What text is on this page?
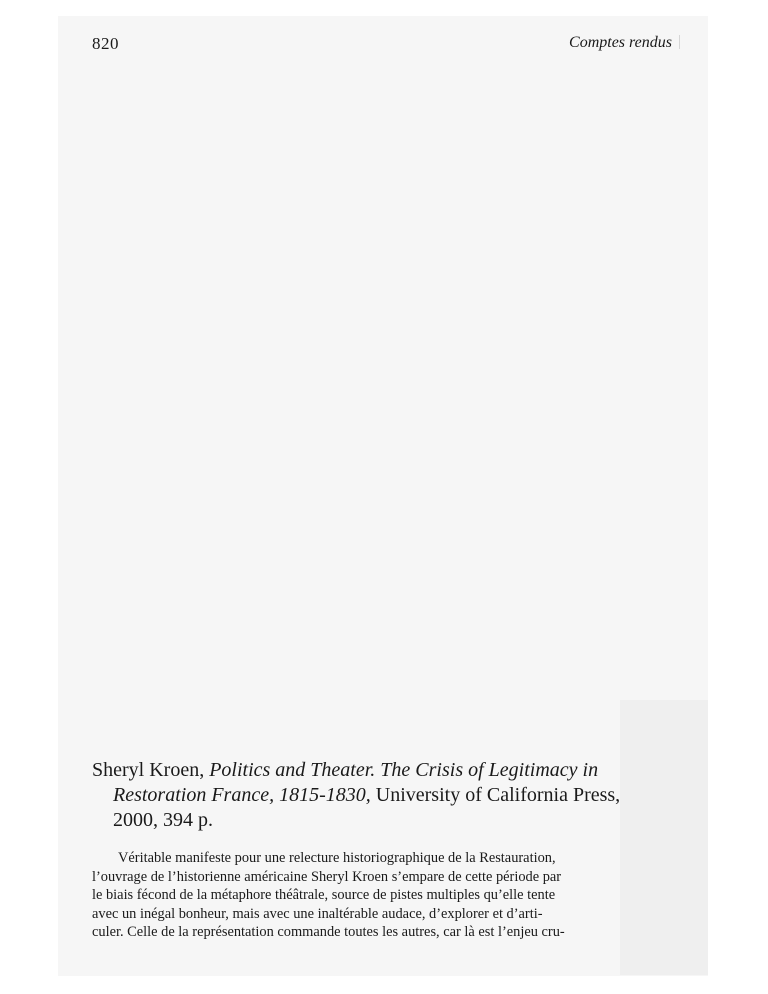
820	Comptes rendus

Sheryl Kroen, Politics and Theater. The Crisis of Legitimacy in Restoration France, 1815-1830, University of California Press, 2000, 394 p.

Véritable manifeste pour une relecture historiographique de la Restauration,
l’ouvrage de l’historienne américaine Sheryl Kroen s’empare de cette période par
le biais fécond de la métaphore théâtrale, source de pistes multiples qu’elle tente
avec un inégal bonheur, mais avec une inaltérable audace, d’explorer et d’arti-
culer. Celle de la représentation commande toutes les autres, car là est l’enjeu cru-
